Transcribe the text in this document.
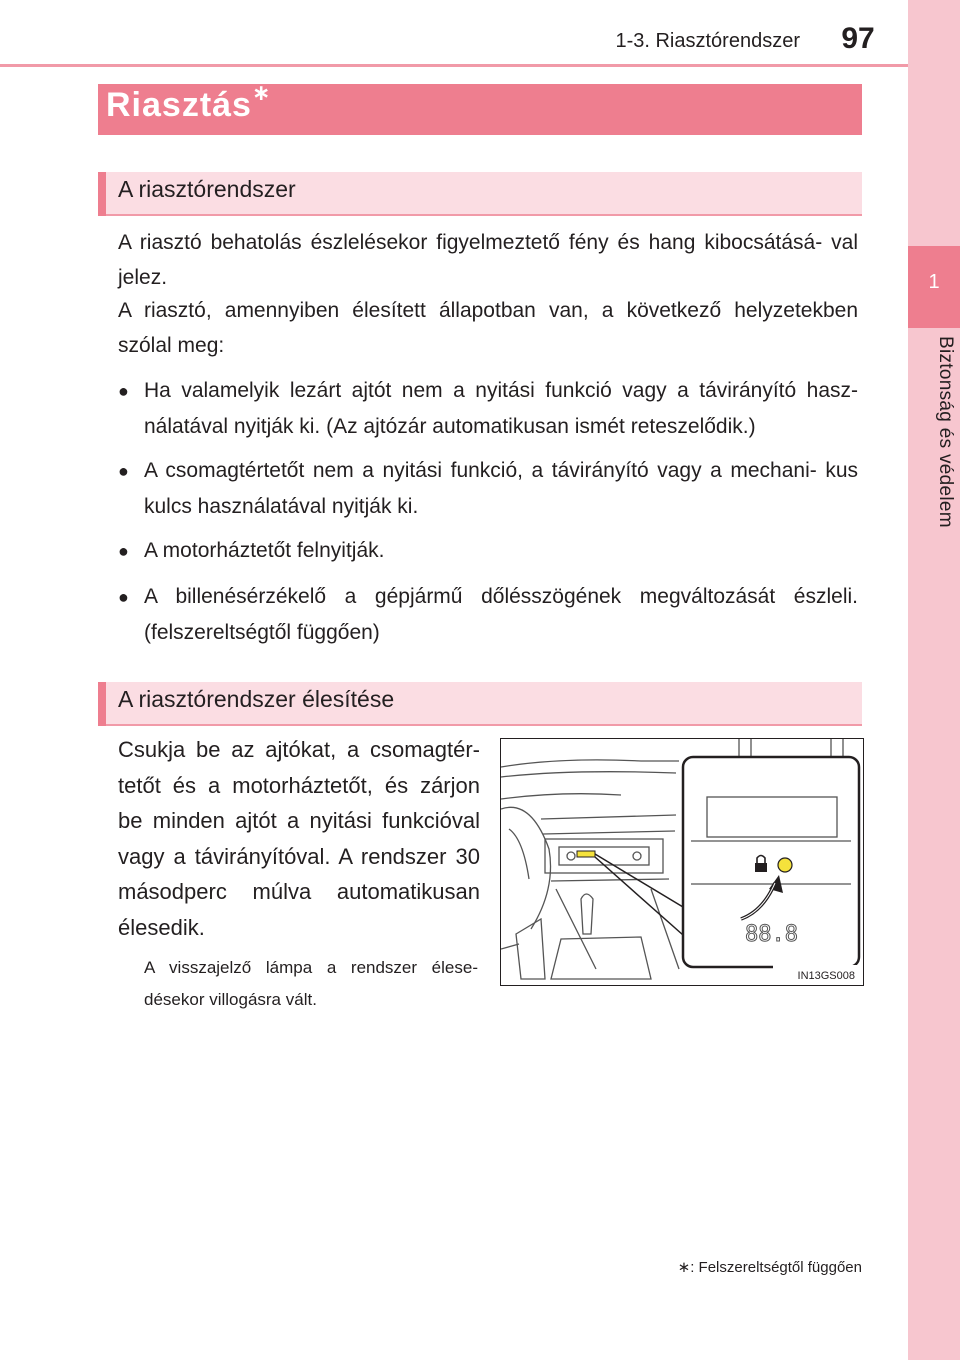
1-3. Riasztórendszer	97
1
Biztonság és védelem
Riasztás∗
A riasztórendszer
A riasztó behatolás észlelésekor figyelmeztető fény és hang kibocsátásá- val jelez.
A riasztó, amennyiben élesített állapotban van, a következő helyzetekben szólal meg:
● Ha valamelyik lezárt ajtót nem a nyitási funkció vagy a távirányító hasz- nálatával nyitják ki. (Az ajtózár automatikusan ismét reteszelődik.)
● A csomagtértetőt nem a nyitási funkció, a távirányító vagy a mechani- kus kulcs használatával nyitják ki.
● A motorháztetőt felnyitják.
● A billenésérzékelő a gépjármű dőlésszögének megváltozását észleli. (felszereltségtől függően)
A riasztórendszer élesítése
Csukja be az ajtókat, a csomagtér- tetőt és a motorháztetőt, és zárjon be minden ajtót a nyitási funkcióval vagy a távirányítóval. A rendszer 30 másodperc múlva automatikusan élesedik.
A visszajelző lámpa a rendszer élese- désekor villogásra vált.
88.8
IN13GS008
∗: Felszereltségtől függően
